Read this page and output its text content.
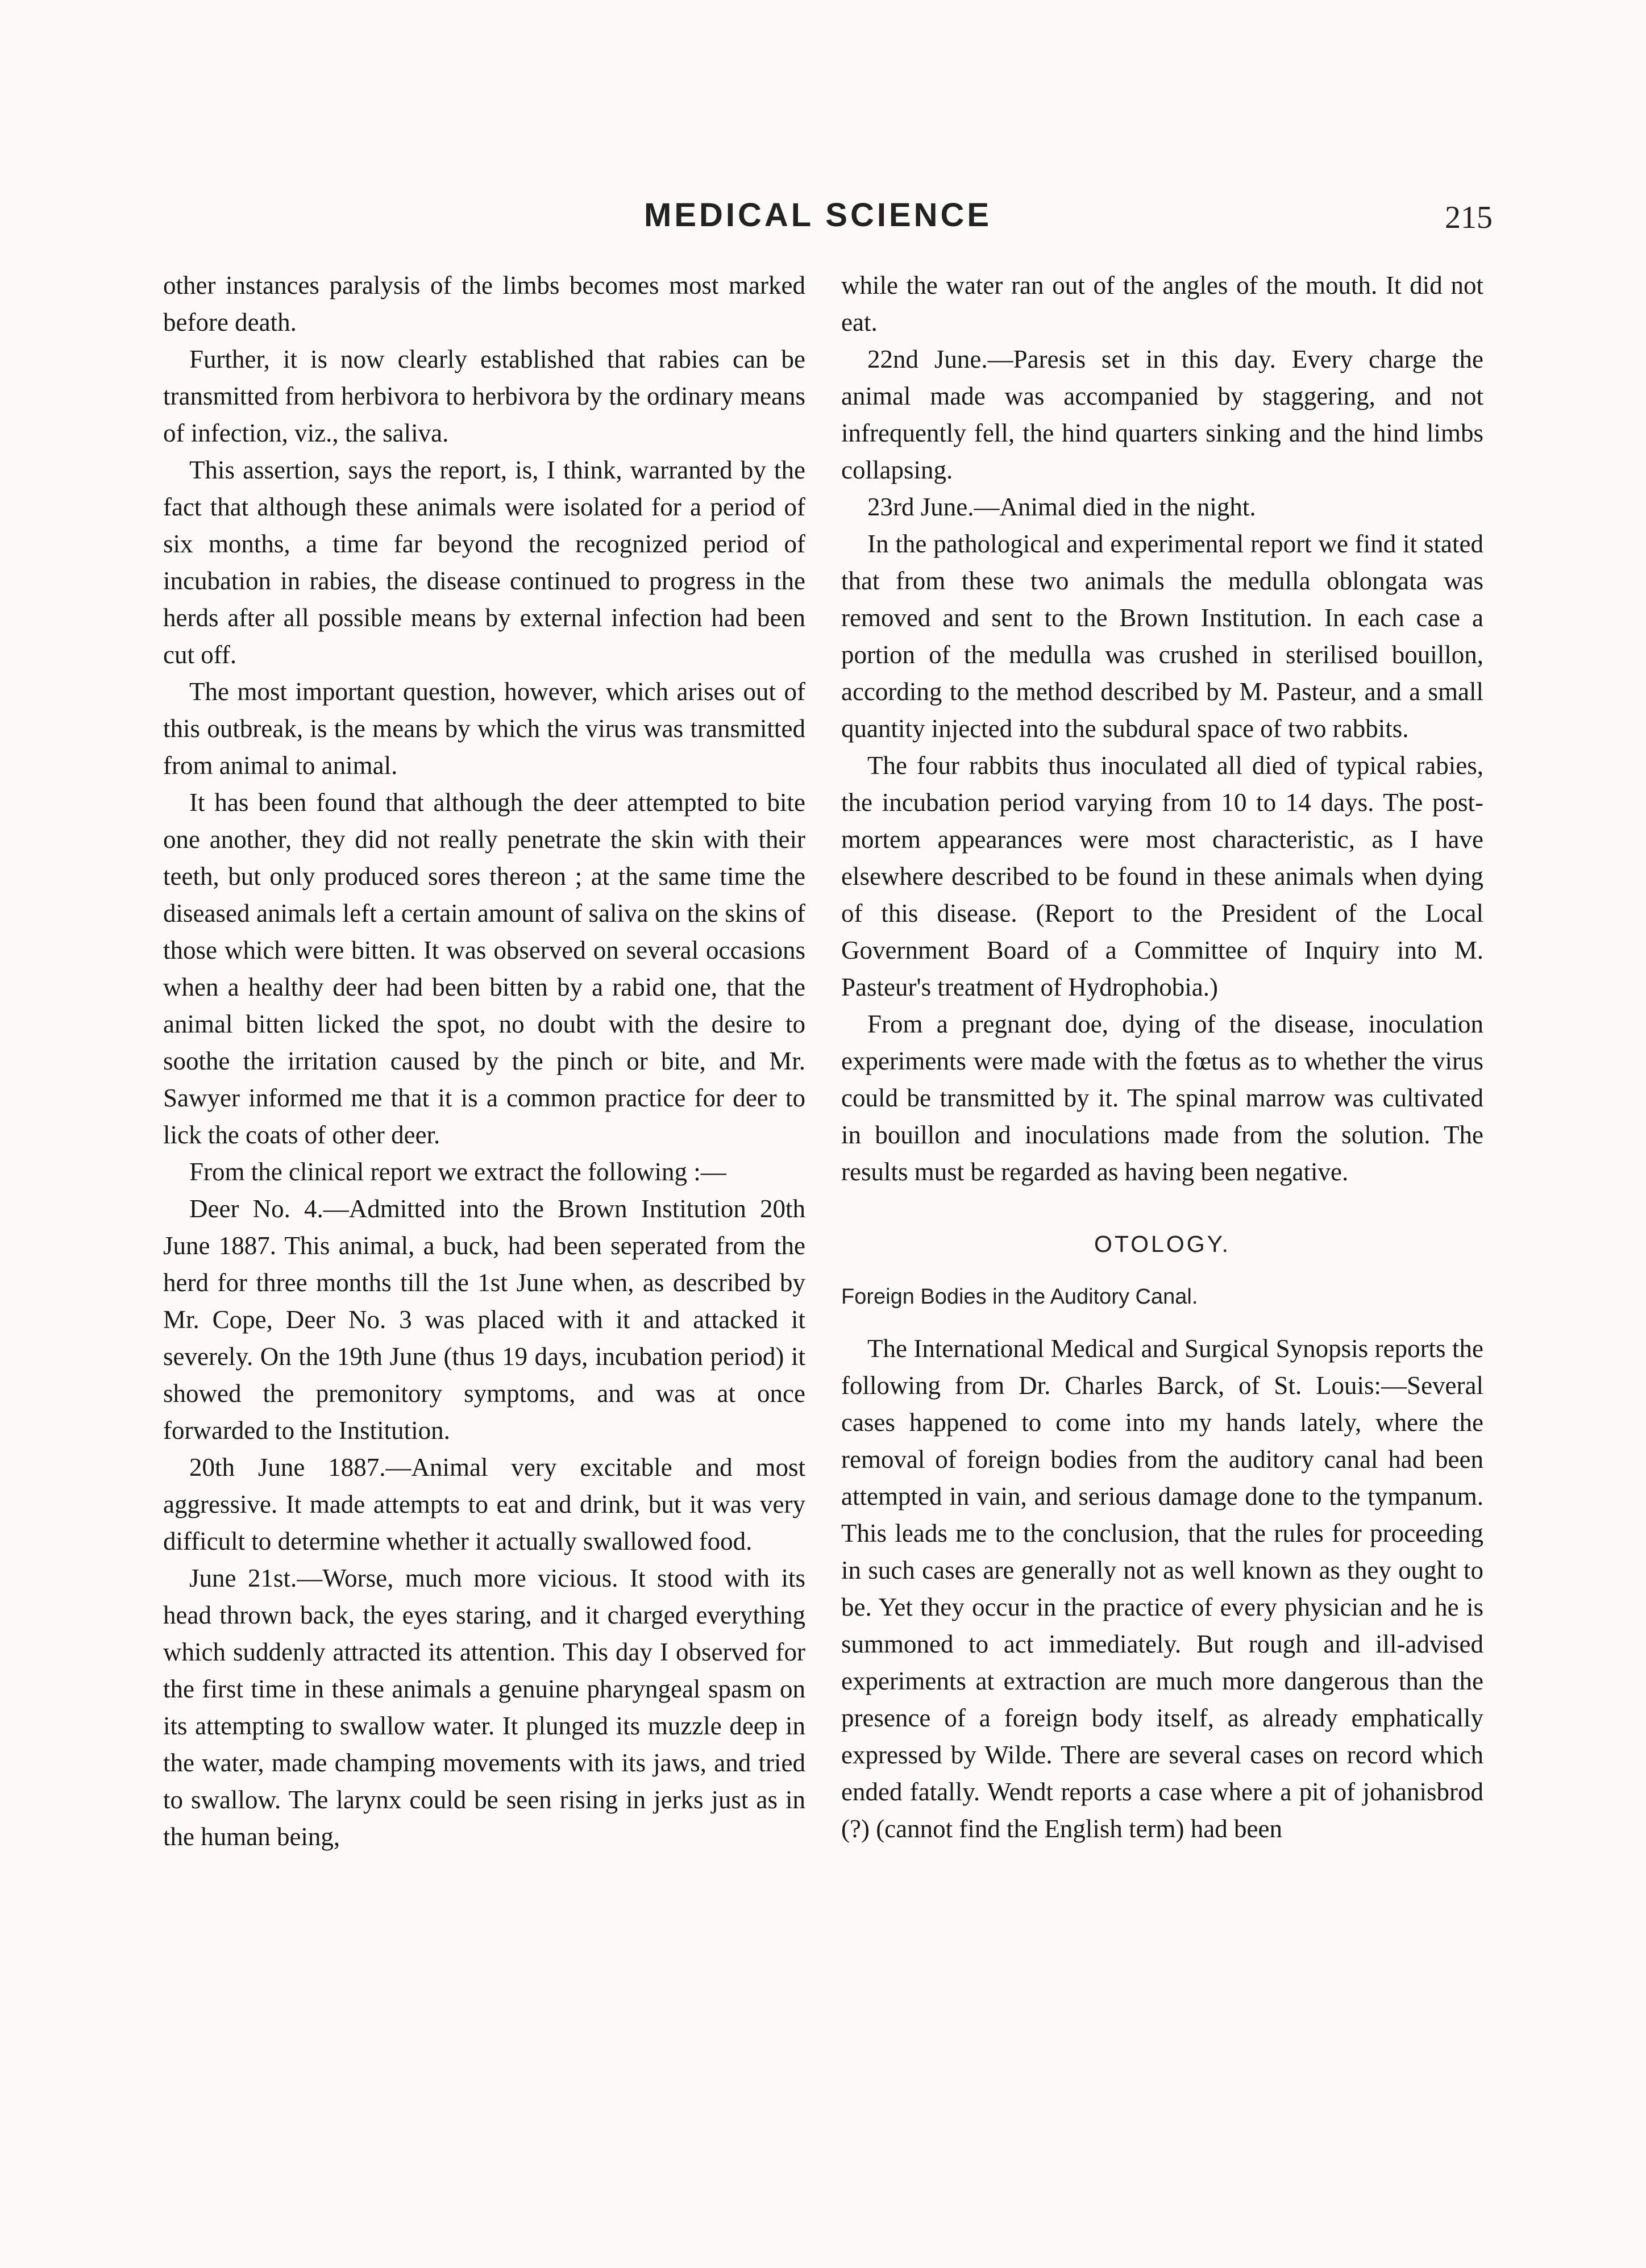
MEDICAL SCIENCE	215

other instances paralysis of the limbs becomes most marked before death.

Further, it is now clearly established that rabies can be transmitted from herbivora to herbivora by the ordinary means of infection, viz., the saliva.

This assertion, says the report, is, I think, warranted by the fact that although these animals were isolated for a period of six months, a time far beyond the recognized period of incubation in rabies, the disease continued to progress in the herds after all possible means by external infection had been cut off.

The most important question, however, which arises out of this outbreak, is the means by which the virus was transmitted from animal to animal.

It has been found that although the deer attempted to bite one another, they did not really penetrate the skin with their teeth, but only produced sores thereon ; at the same time the diseased animals left a certain amount of saliva on the skins of those which were bitten. It was observed on several occasions when a healthy deer had been bitten by a rabid one, that the animal bitten licked the spot, no doubt with the desire to soothe the irritation caused by the pinch or bite, and Mr. Sawyer informed me that it is a common practice for deer to lick the coats of other deer.

From the clinical report we extract the following :—

Deer No. 4.—Admitted into the Brown Institution 20th June 1887. This animal, a buck, had been seperated from the herd for three months till the 1st June when, as described by Mr. Cope, Deer No. 3 was placed with it and attacked it severely. On the 19th June (thus 19 days, incubation period) it showed the premonitory symptoms, and was at once forwarded to the Institution.

20th June 1887.—Animal very excitable and most aggressive. It made attempts to eat and drink, but it was very difficult to determine whether it actually swallowed food.

June 21st.—Worse, much more vicious. It stood with its head thrown back, the eyes staring, and it charged everything which suddenly attracted its attention. This day I observed for the first time in these animals a genuine pharyngeal spasm on its attempting to swallow water. It plunged its muzzle deep in the water, made champing movements with its jaws, and tried to swallow. The larynx could be seen rising in jerks just as in the human being,

while the water ran out of the angles of the mouth. It did not eat.

22nd June.—Paresis set in this day. Every charge the animal made was accompanied by staggering, and not infrequently fell, the hind quarters sinking and the hind limbs collapsing.

23rd June.—Animal died in the night.

In the pathological and experimental report we find it stated that from these two animals the medulla oblongata was removed and sent to the Brown Institution. In each case a portion of the medulla was crushed in sterilised bouillon, according to the method described by M. Pasteur, and a small quantity injected into the subdural space of two rabbits.

The four rabbits thus inoculated all died of typical rabies, the incubation period varying from 10 to 14 days. The post-mortem appearances were most characteristic, as I have elsewhere described to be found in these animals when dying of this disease. (Report to the President of the Local Government Board of a Committee of Inquiry into M. Pasteur's treatment of Hydrophobia.)

From a pregnant doe, dying of the disease, inoculation experiments were made with the fœtus as to whether the virus could be transmitted by it. The spinal marrow was cultivated in bouillon and inoculations made from the solution. The results must be regarded as having been negative.

OTOLOGY.
Foreign Bodies in the Auditory Canal.

The International Medical and Surgical Synopsis reports the following from Dr. Charles Barck, of St. Louis:—Several cases happened to come into my hands lately, where the removal of foreign bodies from the auditory canal had been attempted in vain, and serious damage done to the tympanum. This leads me to the conclusion, that the rules for proceeding in such cases are generally not as well known as they ought to be. Yet they occur in the practice of every physician and he is summoned to act immediately. But rough and ill-advised experiments at extraction are much more dangerous than the presence of a foreign body itself, as already emphatically expressed by Wilde. There are several cases on record which ended fatally. Wendt reports a case where a pit of johanisbrod (?) (cannot find the English term) had been
